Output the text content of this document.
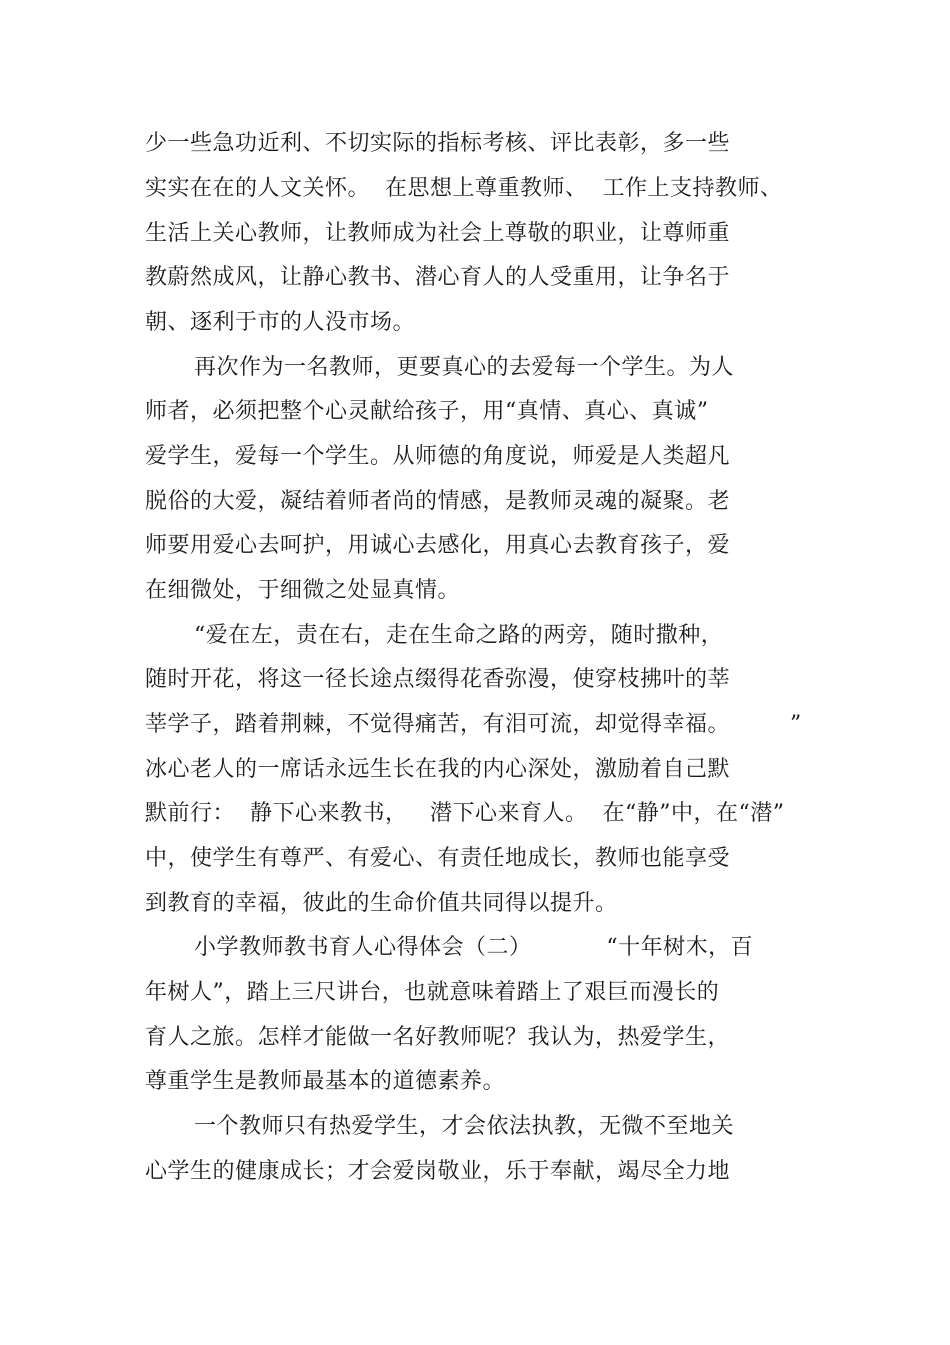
少一些急功近利、不切实际的指标考核、评比表彰，多一些
实实在在的人文关怀。  在思想上尊重教师、  工作上支持教师、
生活上关心教师，让教师成为社会上尊敬的职业，让尊师重
教蔚然成风，让静心教书、潜心育人的人受重用，让争名于
朝、逐利于市的人没市场。
再次作为一名教师，更要真心的去爱每一个学生。为人
师者，必须把整个心灵献给孩子，用“真情、真心、真诚”
爱学生，爱每一个学生。从师德的角度说，师爱是人类超凡
脱俗的大爱，凝结着师者尚的情感，是教师灵魂的凝聚。老
师要用爱心去呵护，用诚心去感化，用真心去教育孩子，爱
在细微处，于细微之处显真情。
“爱在左，责在右，走在生命之路的两旁，随时撒种，
随时开花，将这一径长途点缀得花香弥漫，使穿枝拂叶的莘
莘学子，踏着荆棘，不觉得痛苦，有泪可流，却觉得幸福。        ”
冰心老人的一席话永远生长在我的内心深处，激励着自己默
默前行：  静下心来教书，   潜下心来育人。  在“静”中，在“潜”
中，使学生有尊严、有爱心、有责任地成长，教师也能享受
到教育的幸福，彼此的生命价值共同得以提升。
小学教师教书育人心得体会（二）          “十年树木，百
年树人”，踏上三尺讲台，也就意味着踏上了艰巨而漫长的
育人之旅。怎样才能做一名好教师呢？我认为，热爱学生，
尊重学生是教师最基本的道德素养。
一个教师只有热爱学生，才会依法执教，无微不至地关
心学生的健康成长；才会爱岗敬业，乐于奉献，竭尽全力地
